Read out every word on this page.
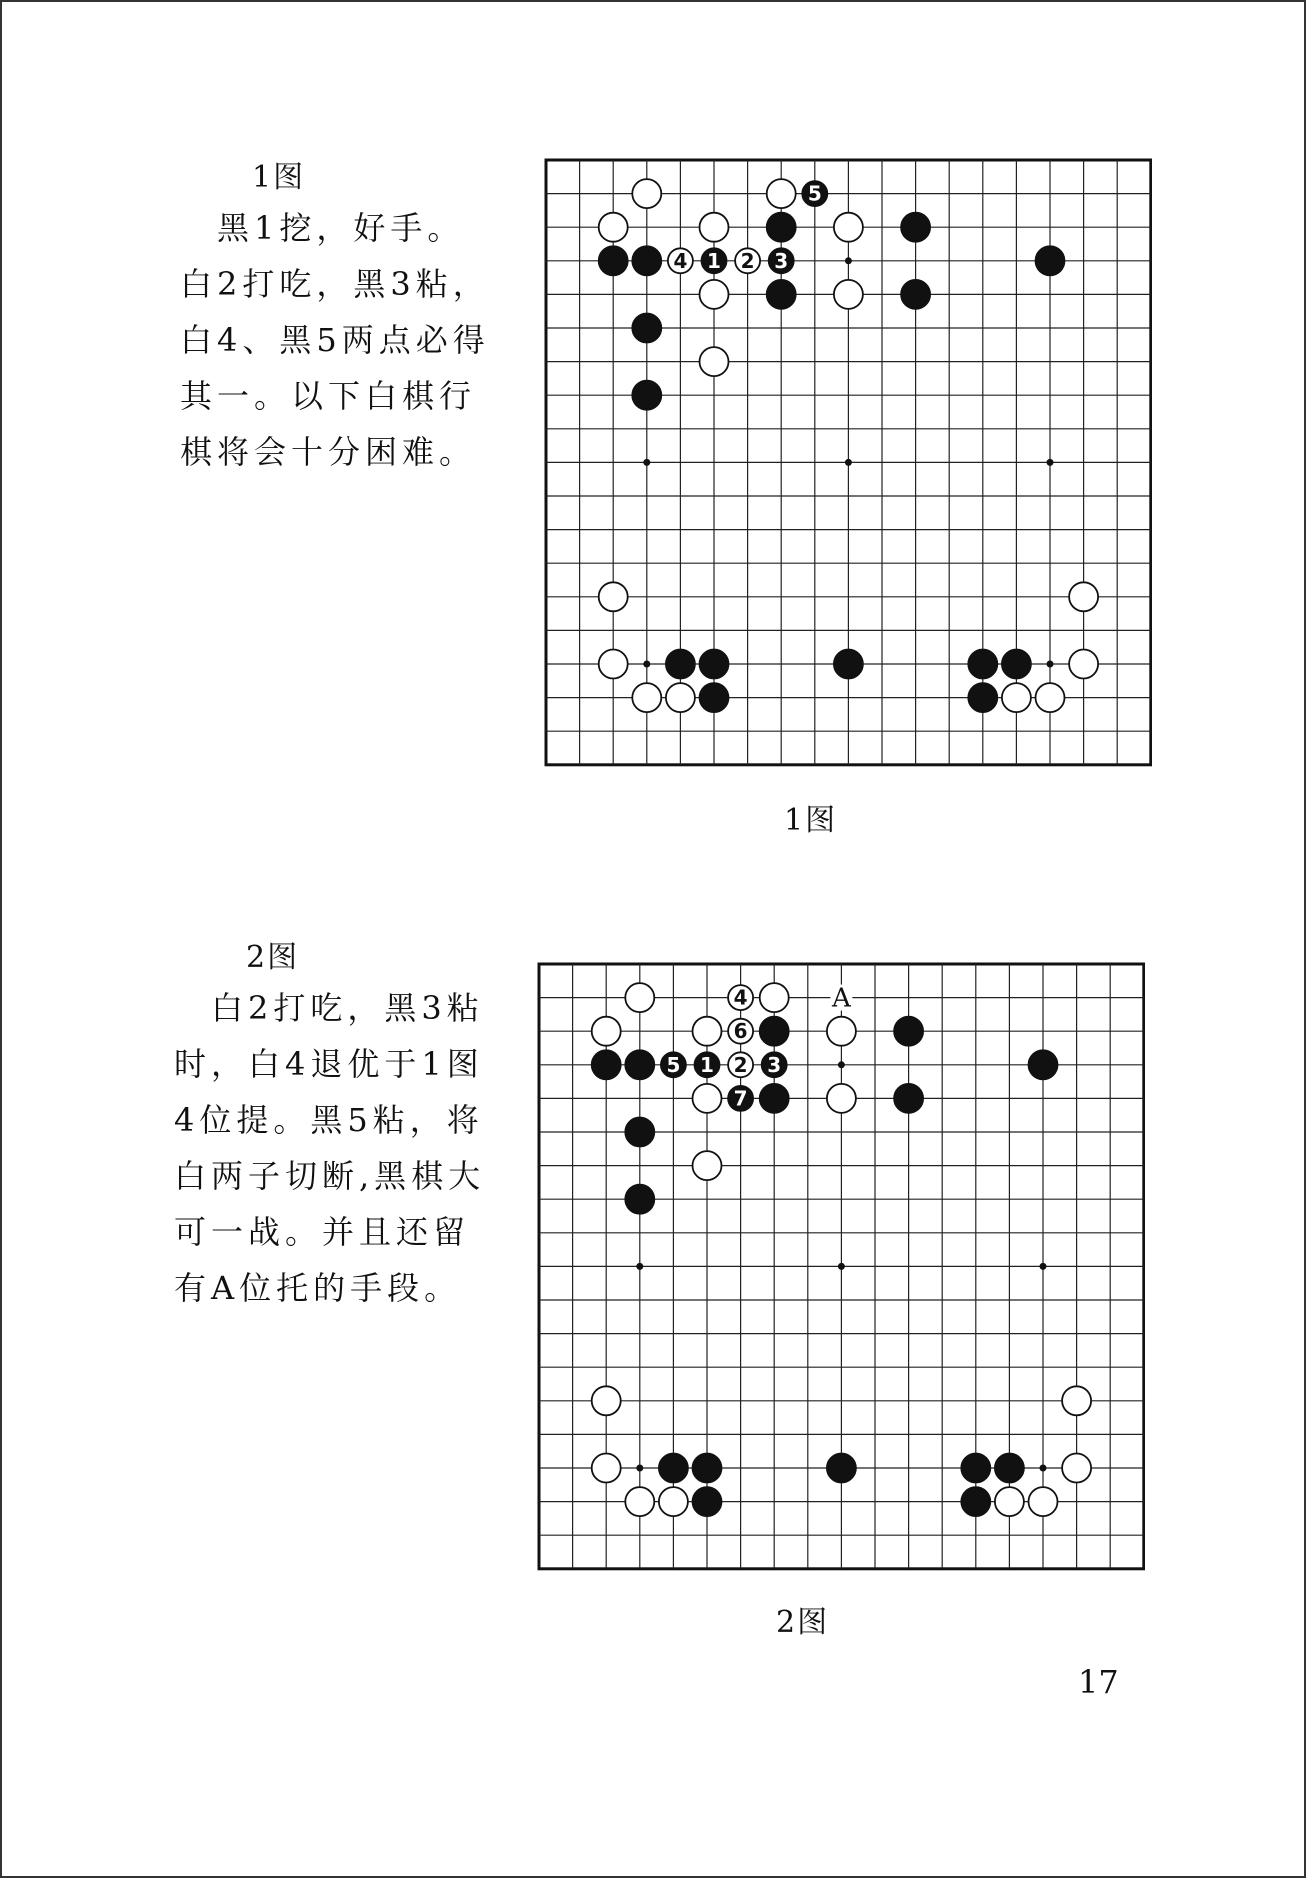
1图
　黑1挖，好手。白2打吃，黑3粘，白4、黑5两点必得其一。以下白棋行棋将会十分困难。
5
4 1 2 3
1图
2图
　白2打吃，黑3粘时，白4退优于1图4位提。黑5粘，将白两子切断,黑棋大可一战。并且还留有A位托的手段。
A
4
6
5 1 2 3
7
2图
17
